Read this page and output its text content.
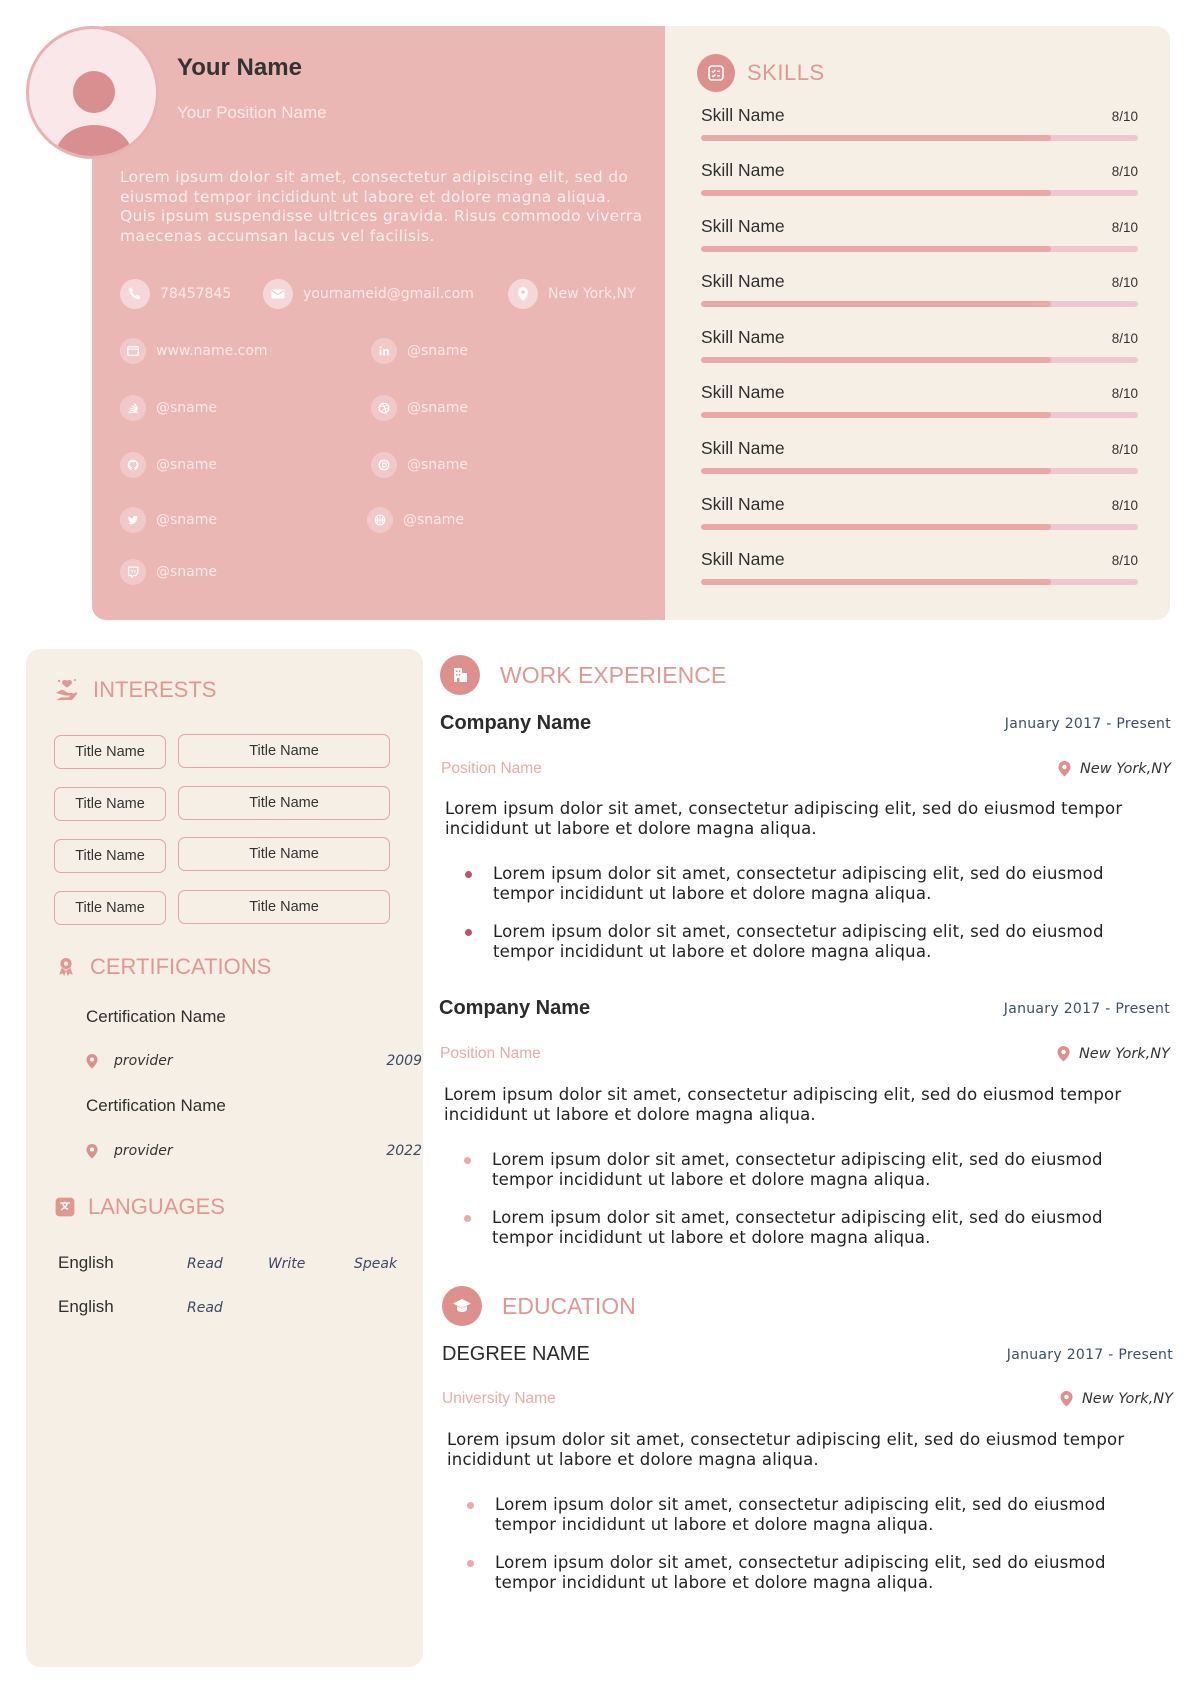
Your Name
Your Position Name
Lorem ipsum dolor sit amet, consectetur adipiscing elit, sed do eiusmod tempor incididunt ut labore et dolore magna aliqua. Quis ipsum suspendisse ultrices gravida. Risus commodo viverra maecenas accumsan lacus vel facilisis.
78457845	yournameid@gmail.com	New York,NY
www.name.com	@sname
@sname	@sname
@sname	@sname
@sname	@sname
@sname
SKILLS
Skill Name	8/10
Skill Name	8/10
Skill Name	8/10
Skill Name	8/10
Skill Name	8/10
Skill Name	8/10
Skill Name	8/10
Skill Name	8/10
Skill Name	8/10
INTERESTS
Title Name	Title Name
Title Name	Title Name
Title Name	Title Name
Title Name	Title Name
CERTIFICATIONS
Certification Name
provider	2009
Certification Name
provider	2022
LANGUAGES
English	Read	Write	Speak
English	Read
WORK EXPERIENCE
Company Name	January 2017 - Present
Position Name	New York,NY
Lorem ipsum dolor sit amet, consectetur adipiscing elit, sed do eiusmod tempor incididunt ut labore et dolore magna aliqua.
Lorem ipsum dolor sit amet, consectetur adipiscing elit, sed do eiusmod tempor incididunt ut labore et dolore magna aliqua.
Lorem ipsum dolor sit amet, consectetur adipiscing elit, sed do eiusmod tempor incididunt ut labore et dolore magna aliqua.
Company Name	January 2017 - Present
Position Name	New York,NY
Lorem ipsum dolor sit amet, consectetur adipiscing elit, sed do eiusmod tempor incididunt ut labore et dolore magna aliqua.
Lorem ipsum dolor sit amet, consectetur adipiscing elit, sed do eiusmod tempor incididunt ut labore et dolore magna aliqua.
Lorem ipsum dolor sit amet, consectetur adipiscing elit, sed do eiusmod tempor incididunt ut labore et dolore magna aliqua.
EDUCATION
DEGREE NAME	January 2017 - Present
University Name	New York,NY
Lorem ipsum dolor sit amet, consectetur adipiscing elit, sed do eiusmod tempor incididunt ut labore et dolore magna aliqua.
Lorem ipsum dolor sit amet, consectetur adipiscing elit, sed do eiusmod tempor incididunt ut labore et dolore magna aliqua.
Lorem ipsum dolor sit amet, consectetur adipiscing elit, sed do eiusmod tempor incididunt ut labore et dolore magna aliqua.
